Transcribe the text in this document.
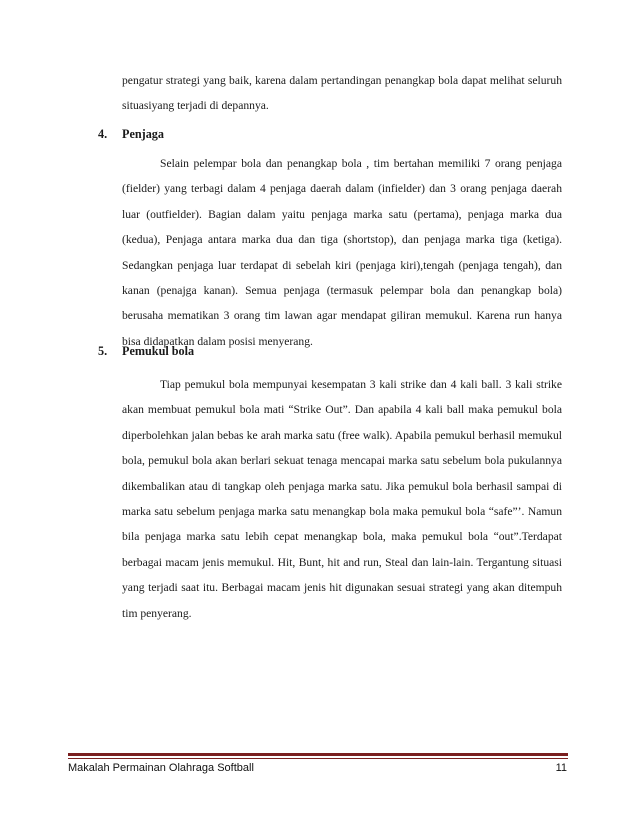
pengatur strategi yang baik, karena dalam pertandingan penangkap bola dapat melihat seluruh situasiyang terjadi di depannya.

4. Penjaga

Selain pelempar bola dan penangkap bola , tim bertahan memiliki 7 orang penjaga (fielder) yang terbagi dalam 4 penjaga daerah dalam (infielder) dan 3 orang penjaga daerah luar (outfielder). Bagian dalam yaitu penjaga marka satu (pertama), penjaga marka dua (kedua), Penjaga antara marka dua dan tiga (shortstop), dan penjaga marka tiga (ketiga). Sedangkan penjaga luar terdapat di sebelah kiri (penjaga kiri),tengah (penjaga tengah), dan kanan (penajga kanan). Semua penjaga (termasuk pelempar bola dan penangkap bola) berusaha mematikan 3 orang tim lawan agar mendapat giliran memukul. Karena run hanya bisa didapatkan dalam posisi menyerang.

5. Pemukul bola

Tiap pemukul bola mempunyai kesempatan 3 kali strike dan 4 kali ball. 3 kali strike akan membuat pemukul bola mati “Strike Out”. Dan apabila 4 kali ball maka pemukul bola diperbolehkan jalan bebas ke arah marka satu (free walk). Apabila pemukul berhasil memukul bola, pemukul bola akan berlari sekuat tenaga mencapai marka satu sebelum bola pukulannya dikembalikan atau di tangkap oleh penjaga marka satu. Jika pemukul bola berhasil sampai di marka satu sebelum penjaga marka satu menangkap bola maka pemukul bola “safe”’. Namun bila penjaga marka satu lebih cepat menangkap bola, maka pemukul bola “out”.Terdapat berbagai macam jenis memukul. Hit, Bunt, hit and run, Steal dan lain-lain. Tergantung situasi yang terjadi saat itu. Berbagai macam jenis hit digunakan sesuai strategi yang akan ditempuh tim penyerang.

Makalah Permainan Olahraga Softball	11
